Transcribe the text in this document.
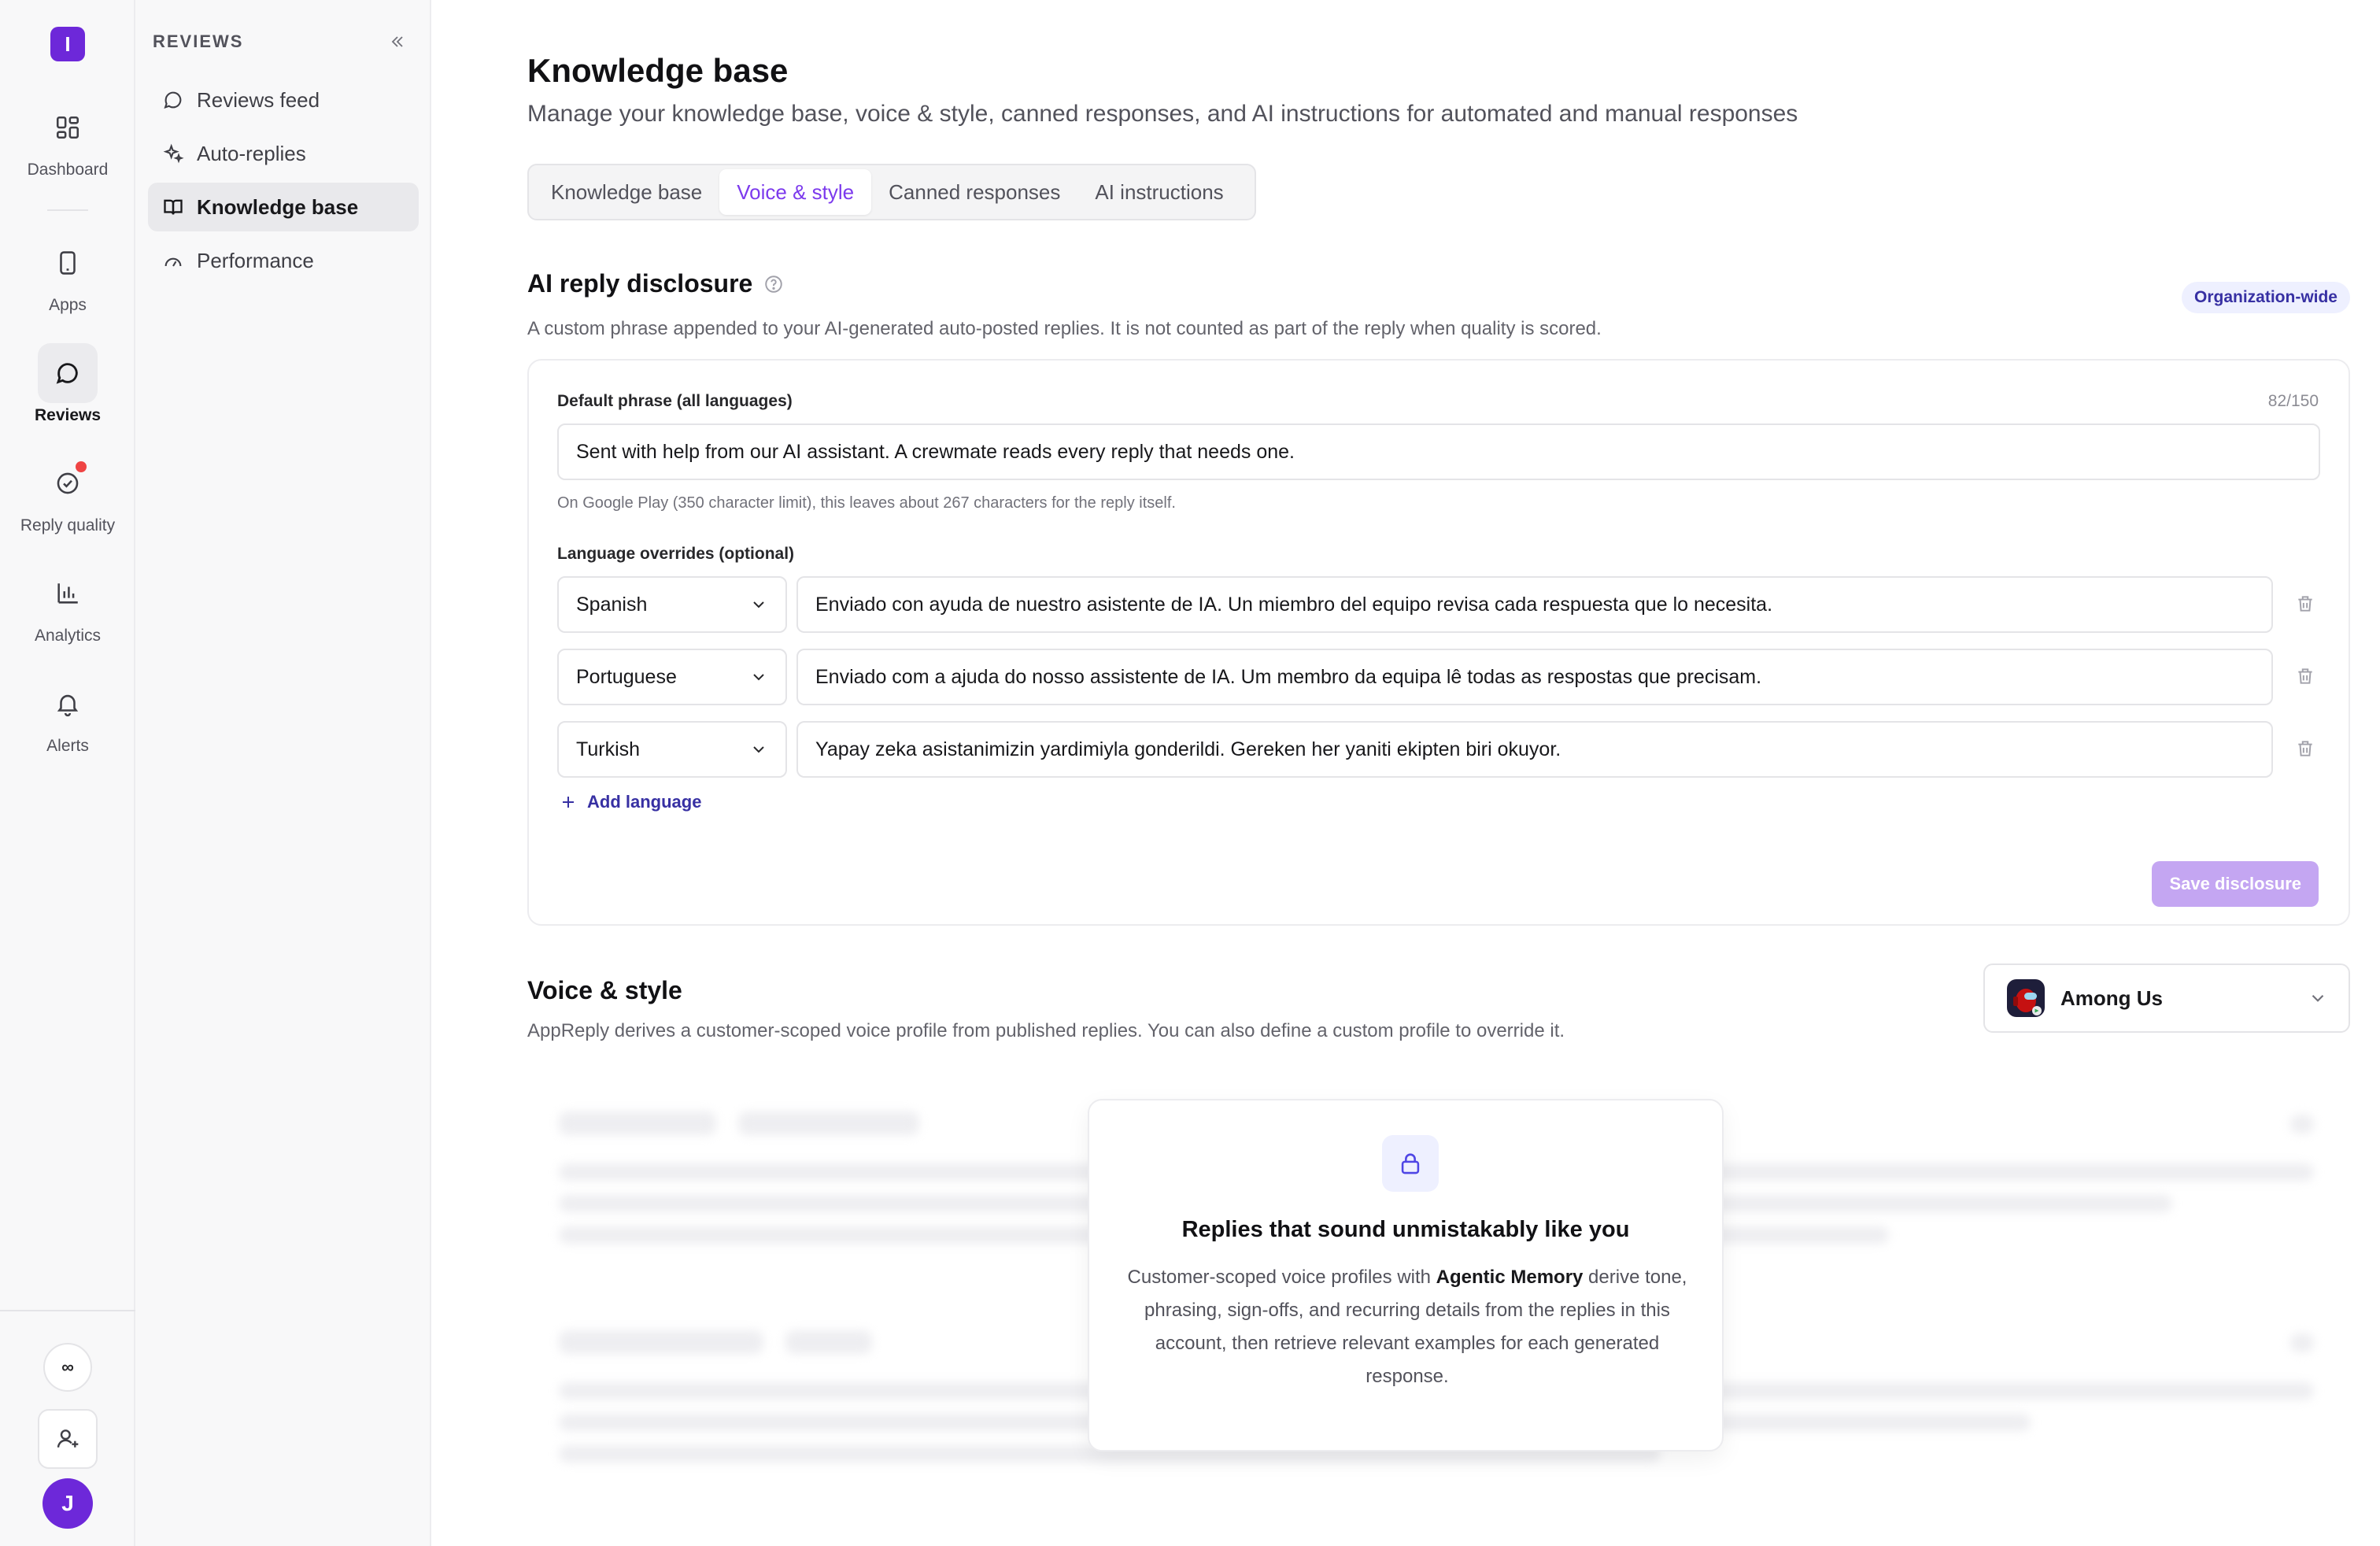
I
Dashboard
Apps
Reviews
Reply quality
Analytics
Alerts
∞
J
REVIEWS
Reviews feed
Auto-replies
Knowledge base
Performance
Knowledge base

Manage your knowledge base, voice & style, canned responses, and AI instructions for automated and manual responses

Knowledge base	Voice & style	Canned responses	AI instructions
AI reply disclosure

A custom phrase appended to your AI-generated auto-posted replies. It is not counted as part of the reply when quality is scored.

Organization-wide
Default phrase (all languages)	82/150
Sent with help from our AI assistant. A crewmate reads every reply that needs one.
On Google Play (350 character limit), this leaves about 267 characters for the reply itself.
Language overrides (optional)
Spanish	Enviado con ayuda de nuestro asistente de IA. Un miembro del equipo revisa cada respuesta que lo necesita.
Portuguese	Enviado com a ajuda do nosso assistente de IA. Um membro da equipa lê todas as respostas que precisam.
Turkish	Yapay zeka asistanimizin yardimiyla gonderildi. Gereken her yaniti ekipten biri okuyor.
Add language
Save disclosure
Voice & style

AppReply derives a customer-scoped voice profile from published replies. You can also define a custom profile to override it.

Among Us
Replies that sound unmistakably like you

Customer-scoped voice profiles with Agentic Memory derive tone, phrasing, sign-offs, and recurring details from the replies in this account, then retrieve relevant examples for each generated response.
